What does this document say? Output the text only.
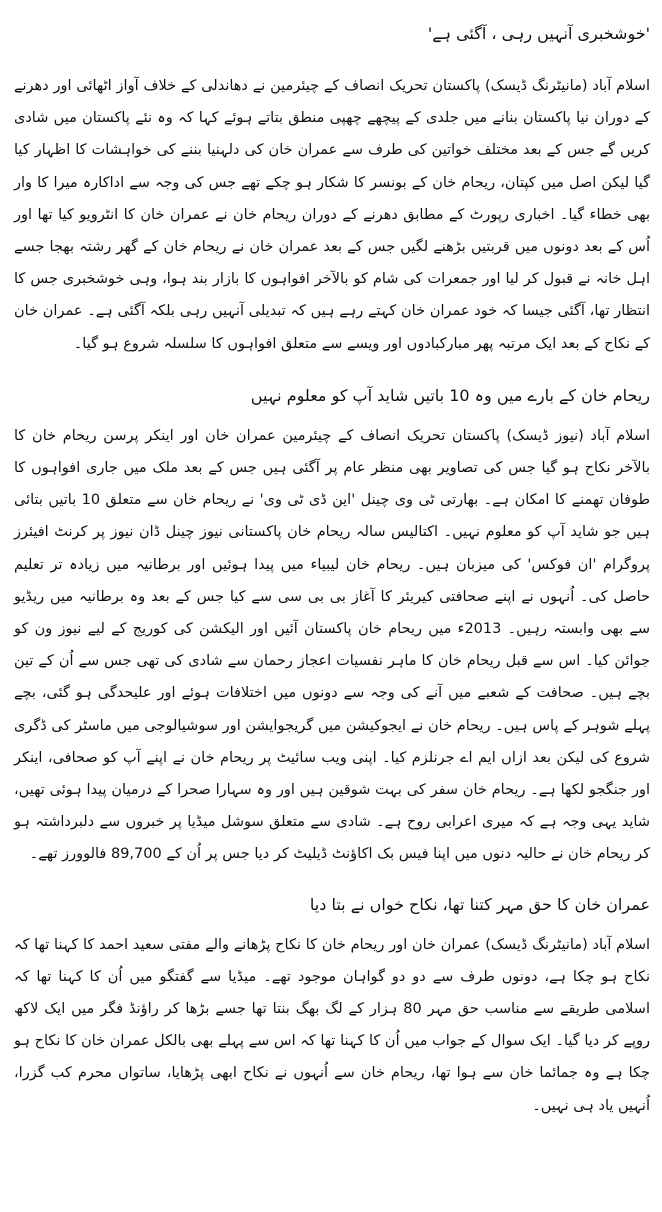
'خوشخبری آنہیں رہی ، آگئی ہے'

اسلام آباد (مانیٹرنگ ڈیسک) پاکستان تحریک انصاف کے چیئرمین نے دھاندلی کے خلاف آواز اٹھائی اور دھرنے کے دوران نیا پاکستان بنانے میں جلدی کے پیچھے چھپی منطق بتاتے ہوئے کہا کہ وہ نئے پاکستان میں شادی کریں گے جس کے بعد مختلف خواتین کی طرف سے عمران خان کی دلہنیا بننے کی خواہشات کا اظہار کیا گیا لیکن اصل میں کپتان، ریحام خان کے بونسر کا شکار ہو چکے تھے جس کی وجہ سے اداکارہ میرا کا وار بھی خطاء گیا۔ اخباری رپورٹ کے مطابق دھرنے کے دوران ریحام خان نے عمران خان کا انٹرویو کیا تھا اور اُس کے بعد دونوں میں قربتیں بڑھنے لگیں جس کے بعد عمران خان نے ریحام خان کے گھر رشتہ بھجا جسے اہل خانہ نے قبول کر لیا اور جمعرات کی شام کو بالآخر افواہوں کا بازار بند ہوا، وہی خوشخبری جس کا انتظار تھا، آگئی جیسا کہ خود عمران خان کہتے رہے ہیں کہ تبدیلی آنہیں رہی بلکہ آگئی ہے۔ عمران خان کے نکاح کے بعد ایک مرتبہ پھر مبارکبادوں اور ویسے سے متعلق افواہوں کا سلسلہ شروع ہو گیا۔

ریحام خان کے بارے میں وہ 10 باتیں شاید آپ کو معلوم نہیں

اسلام آباد (نیوز ڈیسک) پاکستان تحریک انصاف کے چیئرمین عمران خان اور اینکر پرسن ریحام خان کا بالآخر نکاح ہو گیا جس کی تصاویر بھی منظر عام پر آگئی ہیں جس کے بعد ملک میں جاری افواہوں کا طوفان تھمنے کا امکان ہے۔ بھارتی ٹی وی چینل 'این ڈی ٹی وی' نے ریحام خان سے متعلق 10 باتیں بتائی ہیں جو شاید آپ کو معلوم نہیں۔ اکتالیس سالہ ریحام خان پاکستانی نیوز چینل ڈان نیوز پر کرنٹ افیئرز پروگرام 'ان فوکس' کی میزبان ہیں۔ ریحام خان لیبیاء میں پیدا ہوئیں اور برطانیہ میں زیادہ تر تعلیم حاصل کی۔ اُنہوں نے اپنے صحافتی کیریئر کا آغاز بی بی سی سے کیا جس کے بعد وہ برطانیہ میں ریڈیو سے بھی وابستہ رہیں۔ 2013ء میں ریحام خان پاکستان آئیں اور الیکشن کی کوریج کے لیے نیوز ون کو جوائن کیا۔ اس سے قبل ریحام خان کا ماہر نفسیات اعجاز رحمان سے شادی کی تھی جس سے اُن کے تین بچے ہیں۔ صحافت کے شعبے میں آنے کی وجہ سے دونوں میں اختلافات ہوئے اور علیحدگی ہو گئی، بچے پہلے شوہر کے پاس ہیں۔ ریحام خان نے ایجوکیشن میں گریجوایشن اور سوشیالوجی میں ماسٹر کی ڈگری شروع کی لیکن بعد ازاں ایم اے جرنلزم کیا۔ اپنی ویب سائیٹ پر ریحام خان نے اپنے آپ کو صحافی، اینکر اور جنگجو لکھا ہے۔ ریحام خان سفر کی بہت شوقین ہیں اور وہ سہارا صحرا کے درمیان پیدا ہوئی تھیں، شاید یہی وجہ ہے کہ میری اعرابی روح ہے۔ شادی سے متعلق سوشل میڈیا پر خبروں سے دلبرداشتہ ہو کر ریحام خان نے حالیہ دنوں میں اپنا فیس بک اکاؤنٹ ڈیلیٹ کر دیا جس پر اُن کے 89,700 فالوورز تھے۔

عمران خان کا حق مہر کتنا تھا، نکاح خواں نے بتا دیا

اسلام آباد (مانیٹرنگ ڈیسک) عمران خان اور ریحام خان کا نکاح پڑھانے والے مفتی سعید احمد کا کہنا تھا کہ نکاح ہو چکا ہے، دونوں طرف سے دو دو گواہان موجود تھے۔ میڈیا سے گفتگو میں اُن کا کہنا تھا کہ اسلامی طریقے سے مناسب حق مہر 80 ہزار کے لگ بھگ بنتا تھا جسے بڑھا کر راؤنڈ فگر میں ایک لاکھ روپے کر دیا گیا۔ ایک سوال کے جواب میں اُن کا کہنا تھا کہ اس سے پہلے بھی بالکل عمران خان کا نکاح ہو چکا ہے وہ جمائما خان سے ہوا تھا، ریحام خان سے اُنہوں نے نکاح ابھی پڑھایا، ساتواں محرم کب گزرا، اُنہیں یاد ہی نہیں۔
